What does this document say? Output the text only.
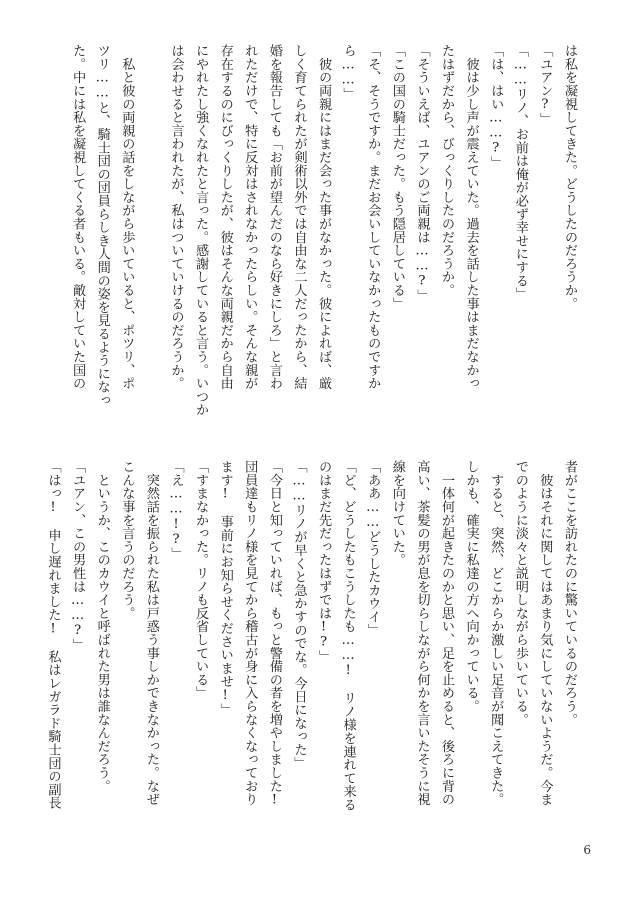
は私を凝視してきた。どうしたのだろうか。
「ユアン?」
「……リノ、お前は俺が必ず幸せにする」
「は、はい……?」
　彼は少し声が震えていた。過去を話した事はまだなかっ
たはずだから、びっくりしたのだろうか。
「そういえば、ユアンのご両親は……?」
「この国の騎士だった。もう隠居している」
「そ、そうですか。まだお会いしていなかったものですか
ら……」
　彼の両親にはまだ会った事がなかった。彼によれば、厳
しく育てられたが剣術以外では自由な二人だったから、結
婚を報告しても「お前が望んだのなら好きにしろ」と言わ
れただけで、特に反対はされなかったらしい。そんな親が
存在するのにびっくりしたが、彼はそんな両親だから自由
にやれたし強くなれたと言った。感謝していると言う。いつか
は会わせると言われたが、私はついていけるのだろうか。

　私と彼の両親の話をしながら歩いていると、ポツリ、ポ
ツリ……と、騎士団の団員らしき人間の姿を見るようになっ
た。中には私を凝視してくる者もいる。敵対していた国の
者がここを訪れたのに驚いているのだろう。
　彼はそれに関してはあまり気にしていないようだ。今ま
でのように淡々と説明しながら歩いている。
　すると、突然、どこからか激しい足音が聞こえてきた。
しかも、確実に私達の方へ向かっている。
　一体何が起きたのかと思い、足を止めると、後ろに背の
高い、茶髪の男が息を切らしながら何かを言いたそうに視
線を向けていた。
「ああ……どうしたカウイ」
「ど、どうしたもこうしたも……!　リノ様を連れて来る
のはまだ先だったはずでは!?」
「……リノが早くと急かすのでな。今日になった」
「今日と知っていれば、もっと警備の者を増やしました!
団員達もリノ様を見てから稽古が身に入らなくなっており
ます!　事前にお知らせくださいませ!」
「すまなかった。リノも反省している」
「え……!?」
　突然話を振られた私は戸惑う事しかできなかった。なぜ
こんな事を言うのだろう。
　というか、このカウイと呼ばれた男は誰なんだろう。
「ユアン、この男性は……?」
「はっ!　申し遅れました!　私はレガラド騎士団の副長
6
